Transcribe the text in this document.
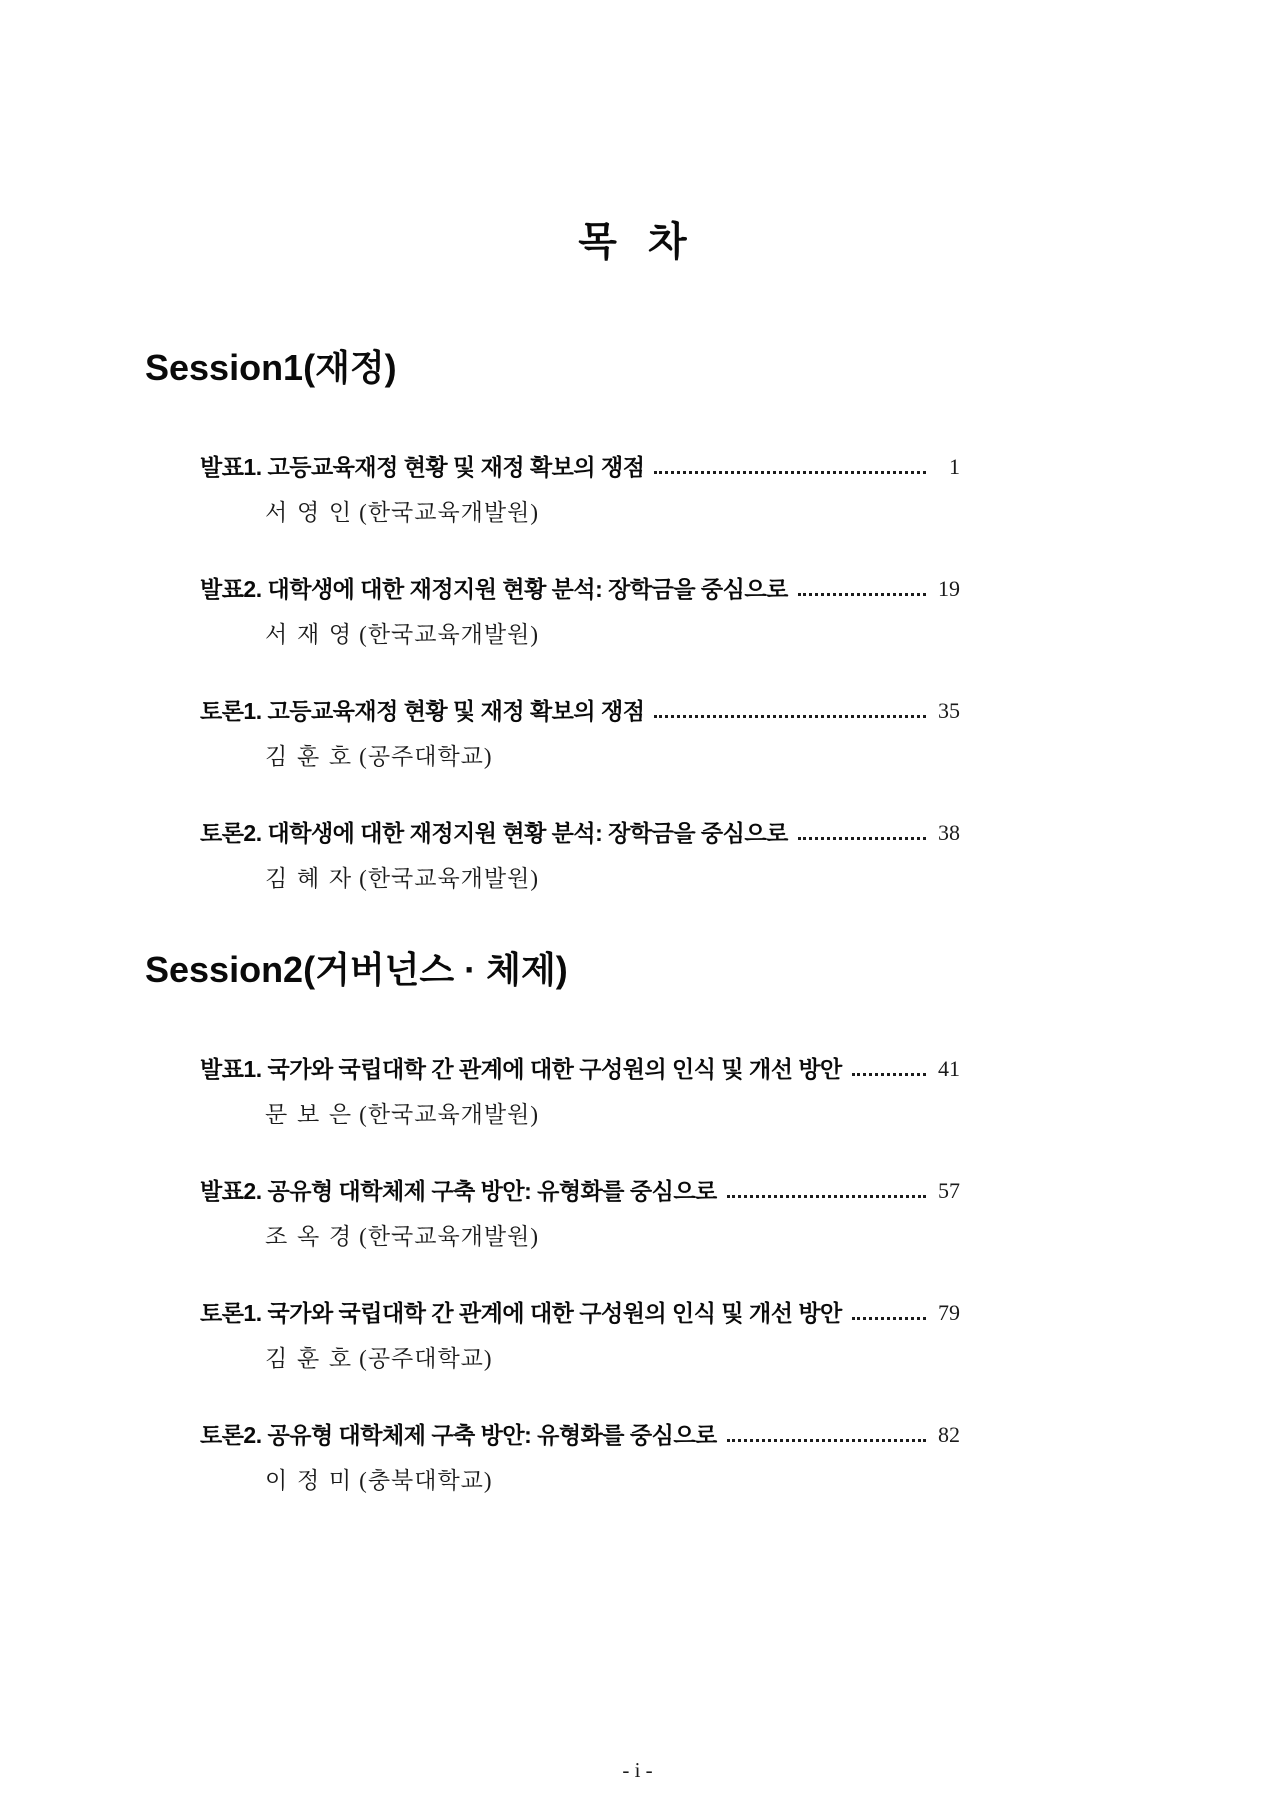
목 차
Session1(재정)
발표1. 고등교육재정 현황 및 재정 확보의 쟁점	1
서 영 인 (한국교육개발원)
발표2. 대학생에 대한 재정지원 현황 분석: 장학금을 중심으로	19
서 재 영 (한국교육개발원)
토론1. 고등교육재정 현황 및 재정 확보의 쟁점	35
김 훈 호 (공주대학교)
토론2. 대학생에 대한 재정지원 현황 분석: 장학금을 중심으로	38
김 혜 자 (한국교육개발원)
Session2(거버넌스 · 체제)
발표1. 국가와 국립대학 간 관계에 대한 구성원의 인식 및 개선 방안	41
문 보 은 (한국교육개발원)
발표2. 공유형 대학체제 구축 방안: 유형화를 중심으로	57
조 옥 경 (한국교육개발원)
토론1. 국가와 국립대학 간 관계에 대한 구성원의 인식 및 개선 방안	79
김 훈 호 (공주대학교)
토론2. 공유형 대학체제 구축 방안: 유형화를 중심으로	82
이 정 미 (충북대학교)
- i -
